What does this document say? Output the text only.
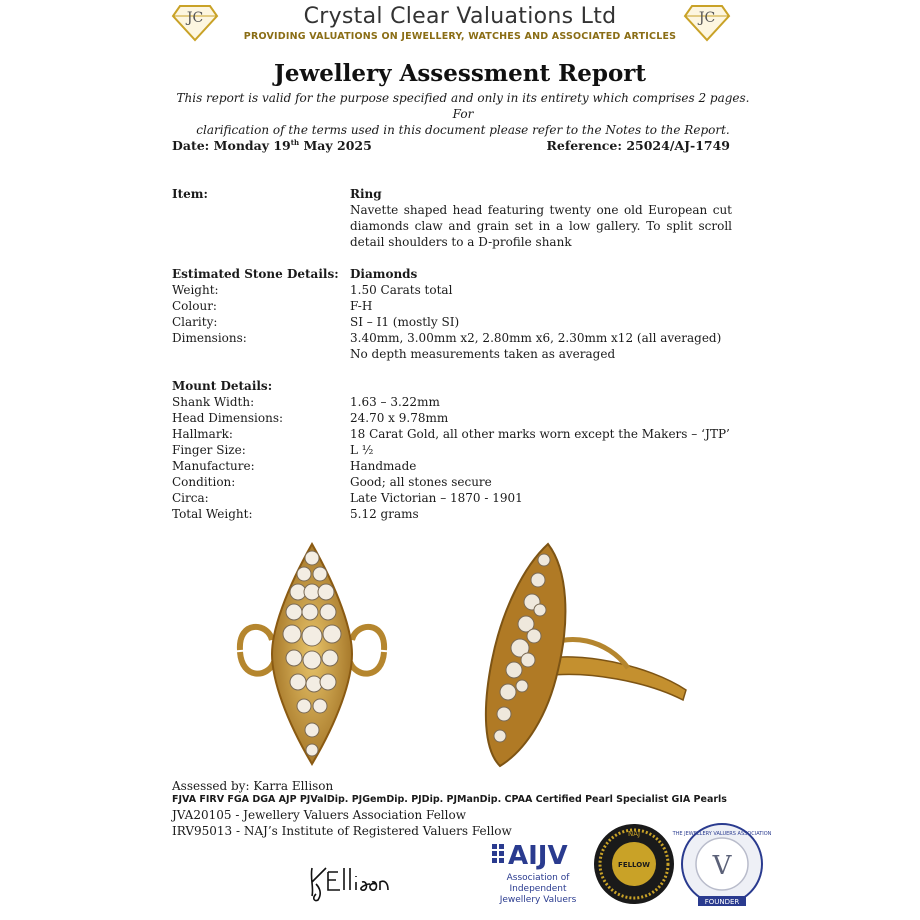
JC	JC
Crystal Clear Valuations Ltd
PROVIDING VALUATIONS ON JEWELLERY, WATCHES AND ASSOCIATED ARTICLES
Jewellery Assessment Report
This report is valid for the purpose specified and only in its entirety which comprises 2 pages. For
clarification of the terms used in this document please refer to the Notes to the Report.
Date: Monday 19th May 2025	Reference: 25024/AJ-1749
Item:	Ring
Navette shaped head featuring twenty one old European cut diamonds claw and grain set in a low gallery. To split scroll detail shoulders to a D-profile shank
Estimated Stone Details: Diamonds
Weight:	1.50 Carats total
Colour:	F-H
Clarity:	SI – I1 (mostly SI)
Dimensions:	3.40mm, 3.00mm x2, 2.80mm x6, 2.30mm x12 (all averaged)
No depth measurements taken as averaged
Mount Details:
Shank Width:	1.63 – 3.22mm
Head Dimensions:	24.70 x 9.78mm
Hallmark:	18 Carat Gold, all other marks worn except the Makers – ‘JTP’
Finger Size:	L ½
Manufacture:	Handmade
Condition:	Good; all stones secure
Circa:	Late Victorian – 1870 - 1901
Total Weight:	5.12 grams
Assessed by: Karra Ellison
FJVA FIRV FGA DGA AJP PJValDip. PJGemDip. PJDip. PJManDip. CPAA Certified Pearl Specialist GIA Pearls
JVA20105 - Jewellery Valuers Association Fellow
IRV95013 - NAJ’s Institute of Registered Valuers Fellow
AIJV
Association of
Independent
Jewellery Valuers
NAJ
FELLOW V
THE JEWELLERY VALUERS ASSOCIATION
FOUNDER
